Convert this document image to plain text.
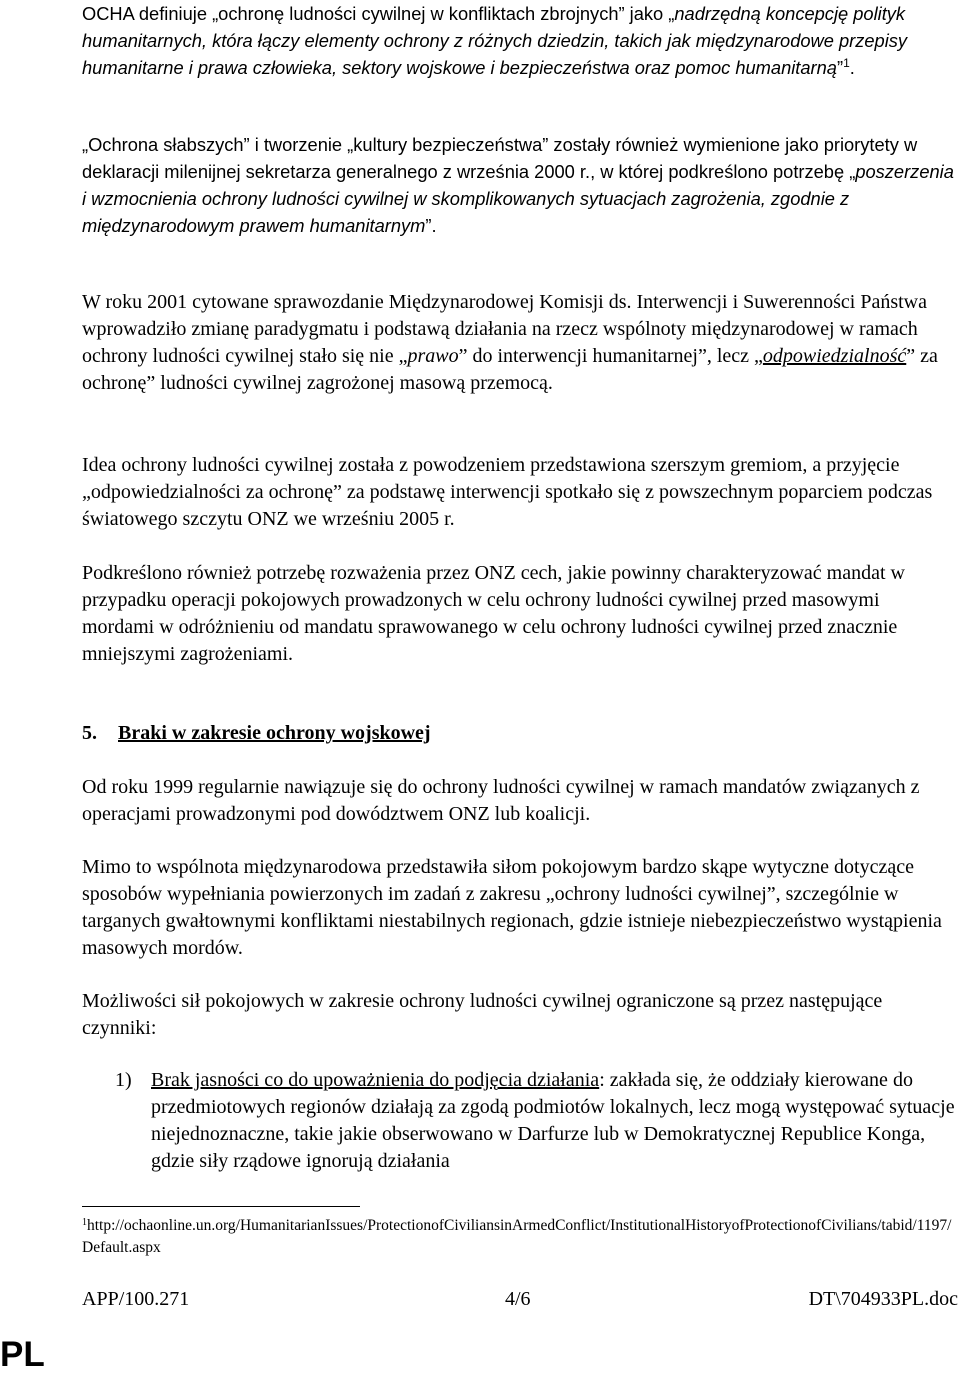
OCHA definiuje „ochronę ludności cywilnej w konfliktach zbrojnych” jako „nadrzędną koncepcję polityk humanitarnych, która łączy elementy ochrony z różnych dziedzin, takich jak międzynarodowe przepisy humanitarne i prawa człowieka, sektory wojskowe i bezpieczeństwa oraz pomoc humanitarną”$^1$.
„Ochrona słabszych” i tworzenie „kultury bezpieczeństwa” zostały również wymienione jako priorytety w deklaracji milenijnej sekretarza generalnego z września 2000 r., w której podkreślono potrzebę „poszerzenia i wzmocnienia ochrony ludności cywilnej w skomplikowanych sytuacjach zagrożenia, zgodnie z międzynarodowym prawem humanitarnym”.
W roku 2001 cytowane sprawozdanie Międzynarodowej Komisji ds. Interwencji i Suwerenności Państwa wprowadziło zmianę paradygmatu i podstawą działania na rzecz wspólnoty międzynarodowej w ramach ochrony ludności cywilnej stało się nie „prawo” do interwencji humanitarnej”, lecz „odpowiedzialność” za ochronę” ludności cywilnej zagrożonej masową przemocą.
Idea ochrony ludności cywilnej została z powodzeniem przedstawiona szerszym gremiom, a przyjęcie „odpowiedzialności za ochronę” za podstawę interwencji spotkało się z powszechnym poparciem podczas światowego szczytu ONZ we wrześniu 2005 r.
Podkreślono również potrzebę rozważenia przez ONZ cech, jakie powinny charakteryzować mandat w przypadku operacji pokojowych prowadzonych w celu ochrony ludności cywilnej przed masowymi mordami w odróżnieniu od mandatu sprawowanego w celu ochrony ludności cywilnej przed znacznie mniejszymi zagrożeniami.
5. Braki w zakresie ochrony wojskowej
Od roku 1999 regularnie nawiązuje się do ochrony ludności cywilnej w ramach mandatów związanych z operacjami prowadzonymi pod dowództwem ONZ lub koalicji.
Mimo to wspólnota międzynarodowa przedstawiła siłom pokojowym bardzo skąpe wytyczne dotyczące sposobów wypełniania powierzonych im zadań z zakresu „ochrony ludności cywilnej”, szczególnie w targanych gwałtownymi konfliktami niestabilnych regionach, gdzie istnieje niebezpieczeństwo wystąpienia masowych mordów.
Możliwości sił pokojowych w zakresie ochrony ludności cywilnej ograniczone są przez następujące czynniki:
1) Brak jasności co do upoważnienia do podjęcia działania: zakłada się, że oddziały kierowane do przedmiotowych regionów działają za zgodą podmiotów lokalnych, lecz mogą występować sytuacje niejednoznaczne, takie jakie obserwowano w Darfurze lub w Demokratycznej Republice Konga, gdzie siły rządowe ignorują działania
$^1$http://ochaonline.un.org/HumanitarianIssues/ProtectionofCiviliansinArmedConflict/InstitutionalHistoryofProtectionofCivilians/tabid/1197/Default.aspx
APP/100.271	4/6	DT\704933PL.doc
PL
